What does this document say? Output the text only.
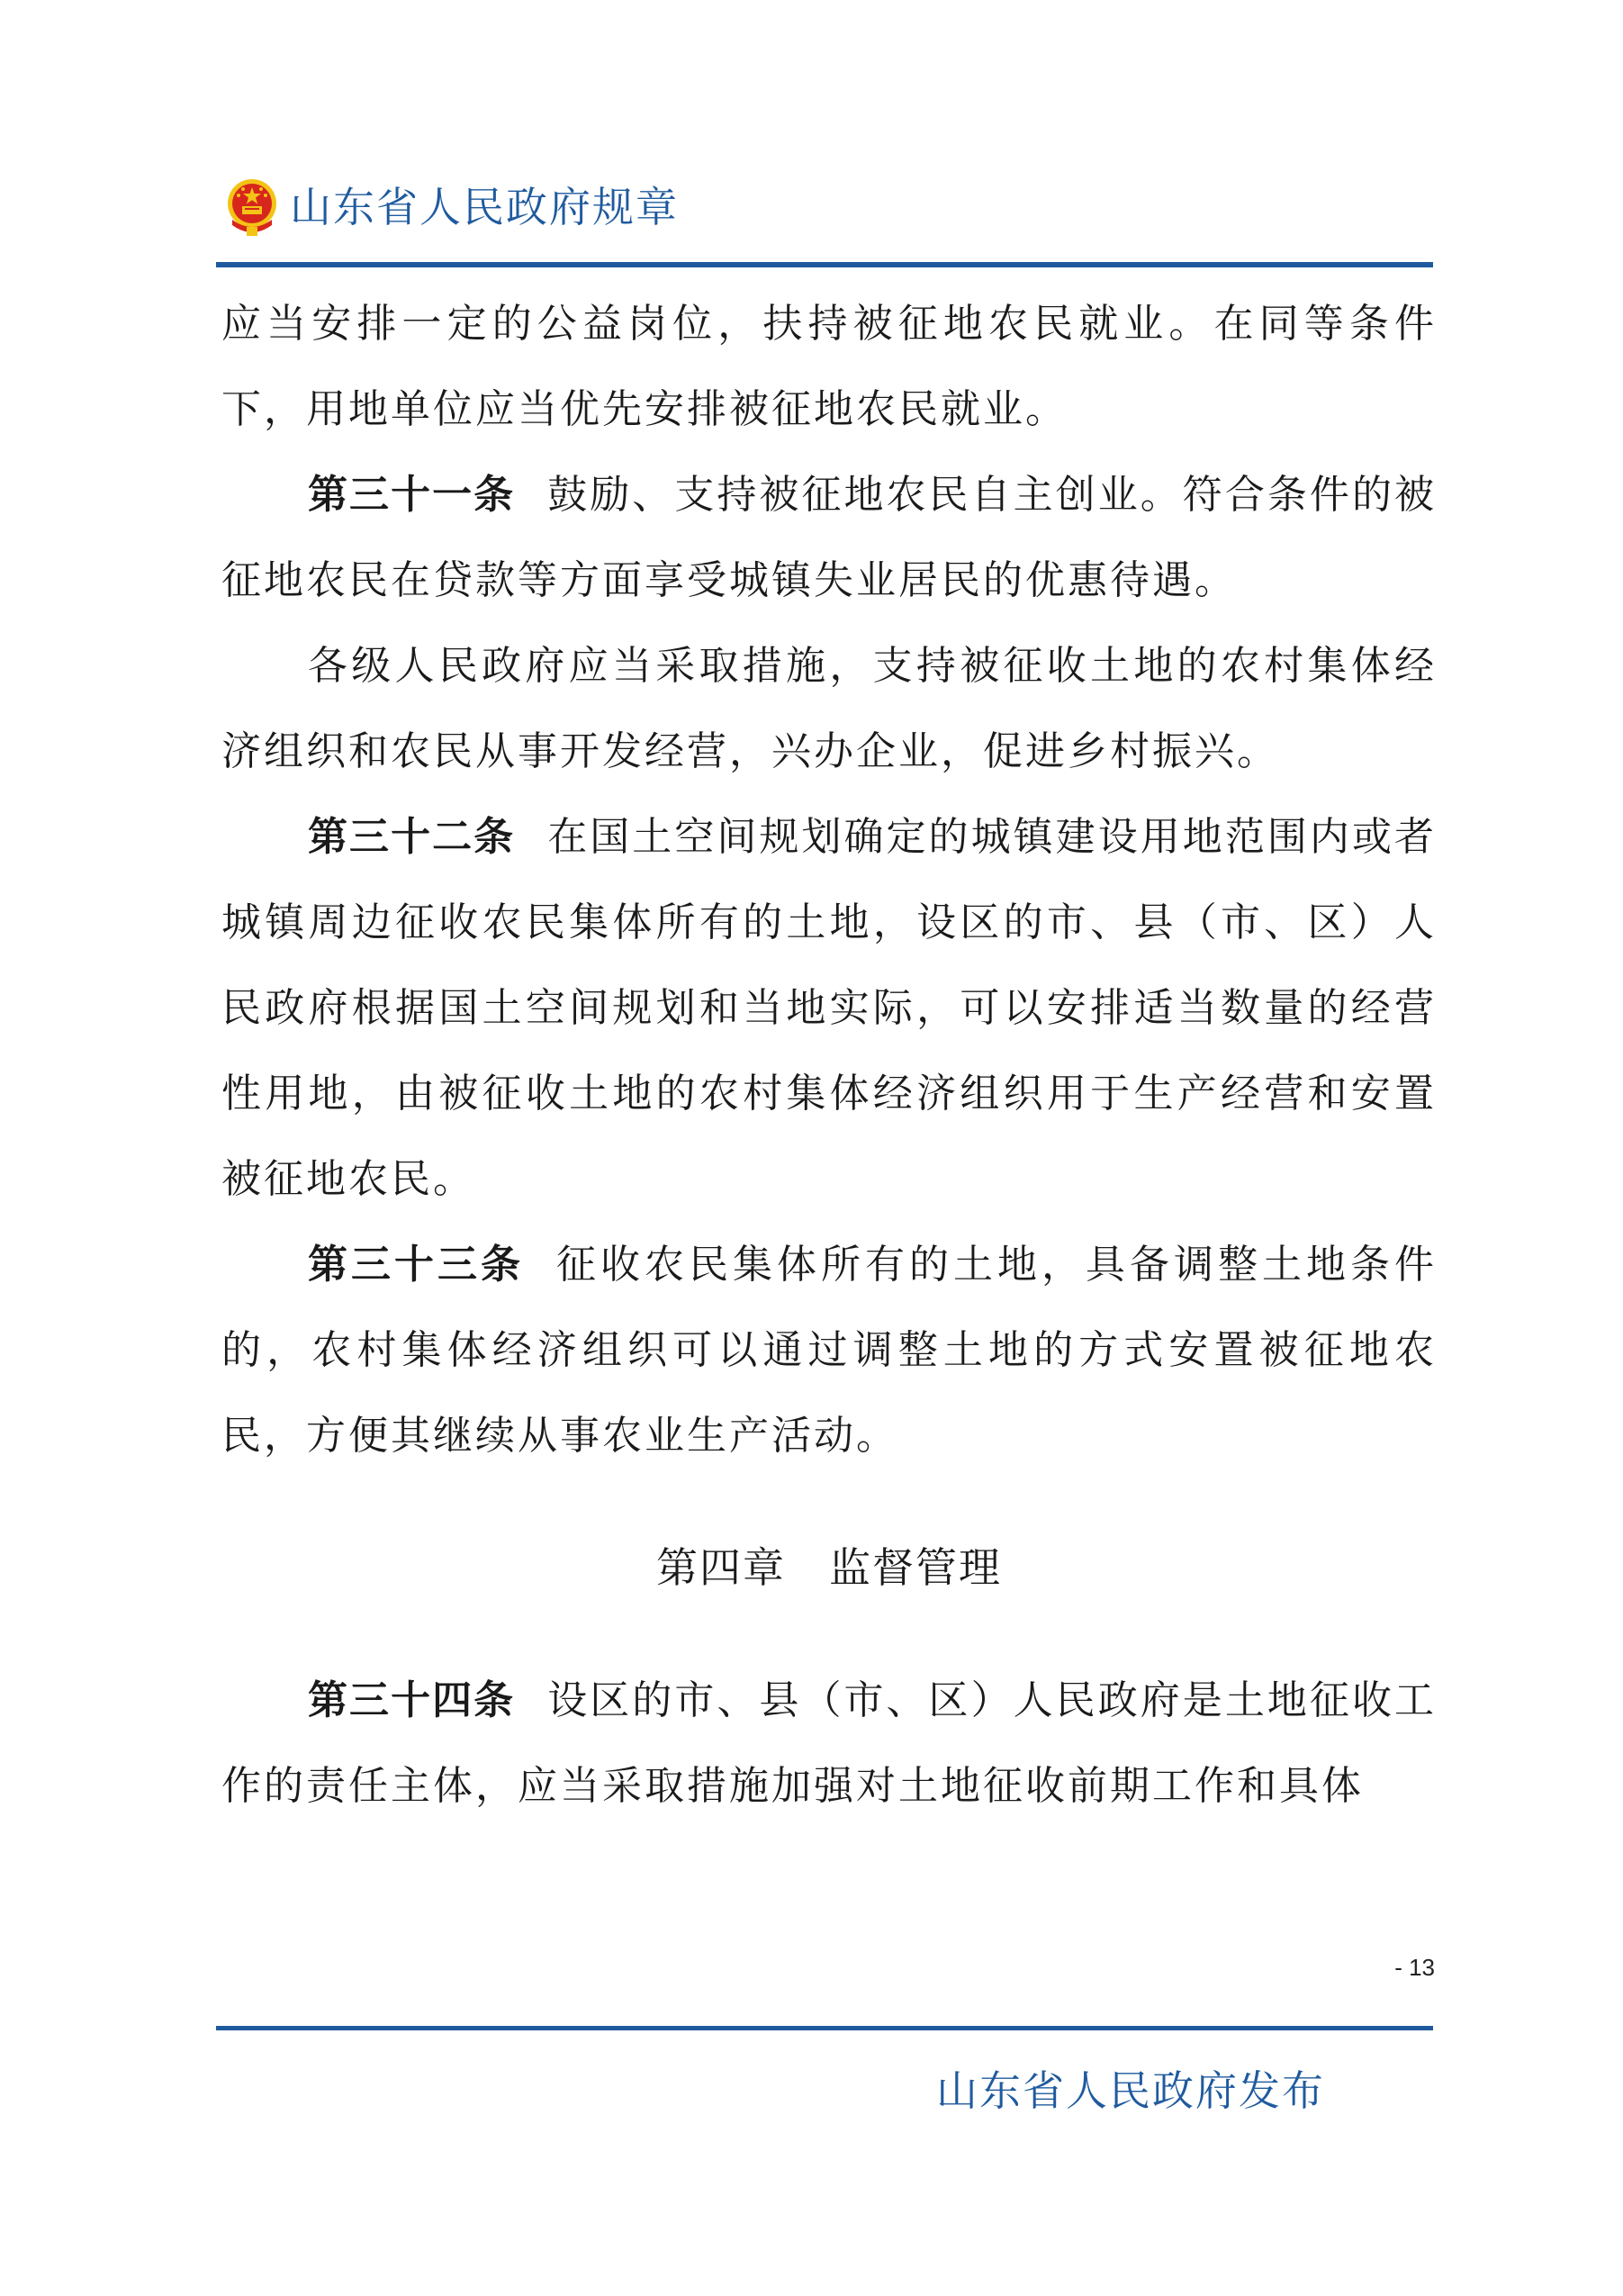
山东省人民政府规章

应当安排一定的公益岗位，扶持被征地农民就业。在同等条件下，用地单位应当优先安排被征地农民就业。

第三十一条 鼓励、支持被征地农民自主创业。符合条件的被征地农民在贷款等方面享受城镇失业居民的优惠待遇。

各级人民政府应当采取措施，支持被征收土地的农村集体经济组织和农民从事开发经营，兴办企业，促进乡村振兴。

第三十二条 在国土空间规划确定的城镇建设用地范围内或者城镇周边征收农民集体所有的土地，设区的市、县（市、区）人民政府根据国土空间规划和当地实际，可以安排适当数量的经营性用地，由被征收土地的农村集体经济组织用于生产经营和安置被征地农民。

第三十三条 征收农民集体所有的土地，具备调整土地条件的，农村集体经济组织可以通过调整土地的方式安置被征地农民，方便其继续从事农业生产活动。

第四章 监督管理

第三十四条 设区的市、县（市、区）人民政府是土地征收工作的责任主体，应当采取措施加强对土地征收前期工作和具体

- 13
山东省人民政府发布
